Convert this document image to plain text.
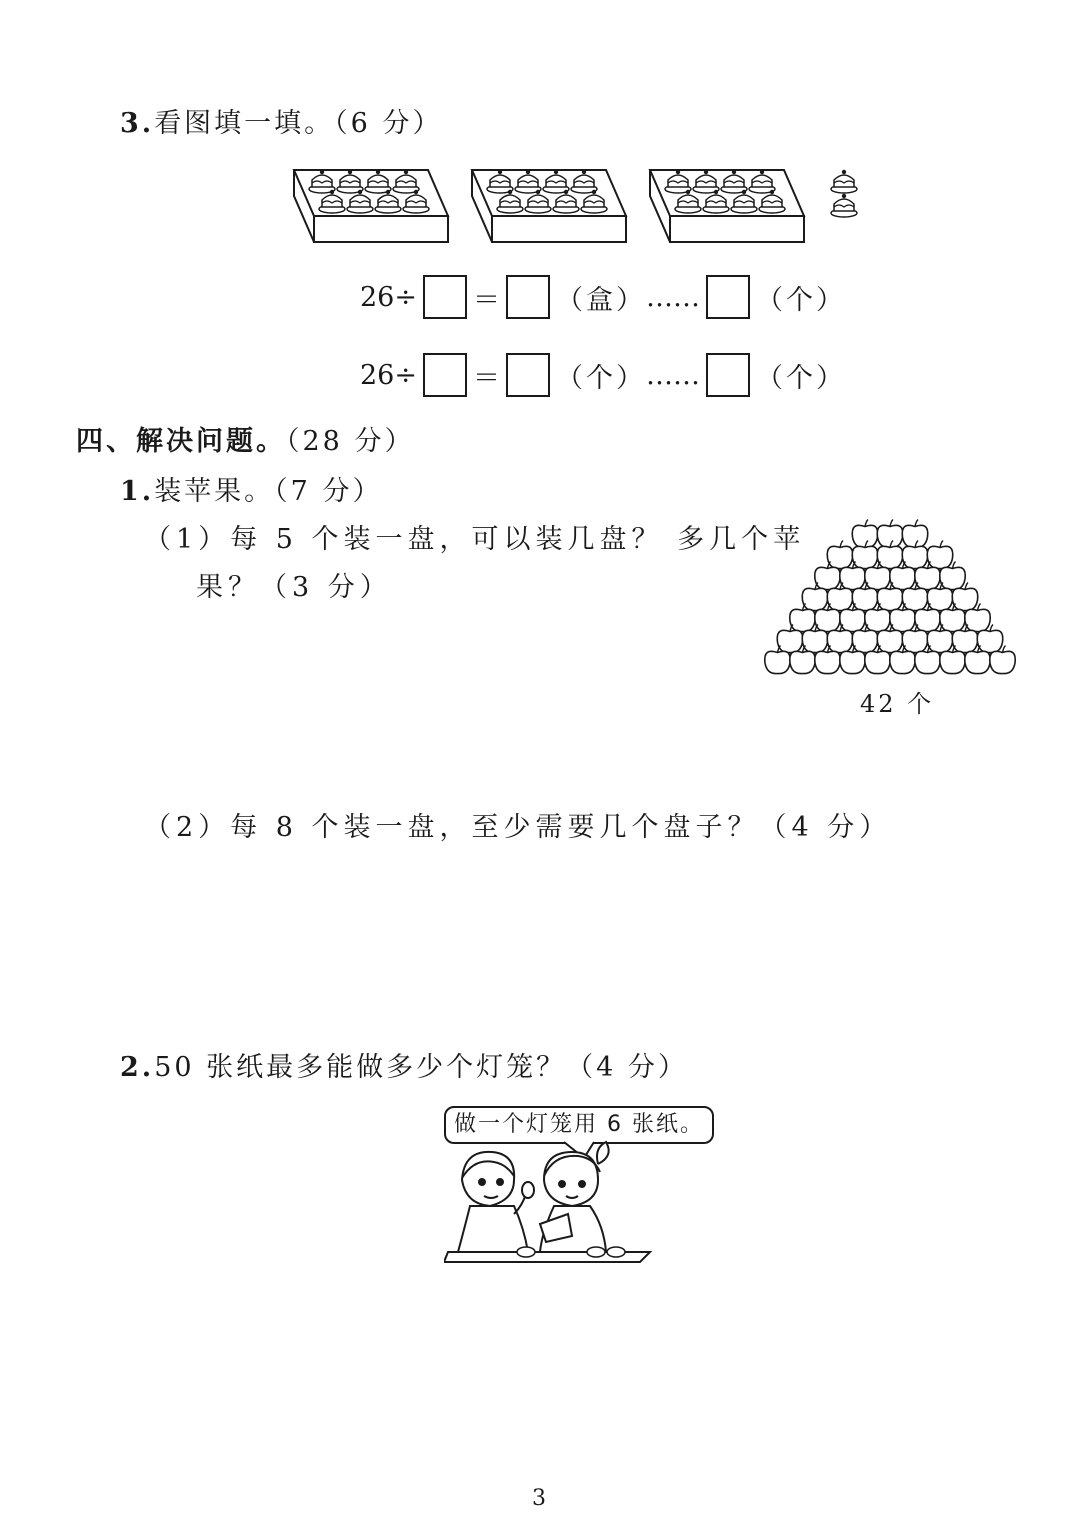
3.看图填一填。（6 分）
26 ÷ ＝ （盒） …… （个）
26 ÷ ＝ （个） …… （个）
四、解决问题。（28 分）
1.装苹果。（7 分）
（1）每 5 个装一盘，可以装几盘？ 多几个苹
果？（3 分）
42 个
（2）每 8 个装一盘，至少需要几个盘子？（4 分）
2.50 张纸最多能做多少个灯笼？（4 分）
做一个灯笼用 6 张纸。
3
